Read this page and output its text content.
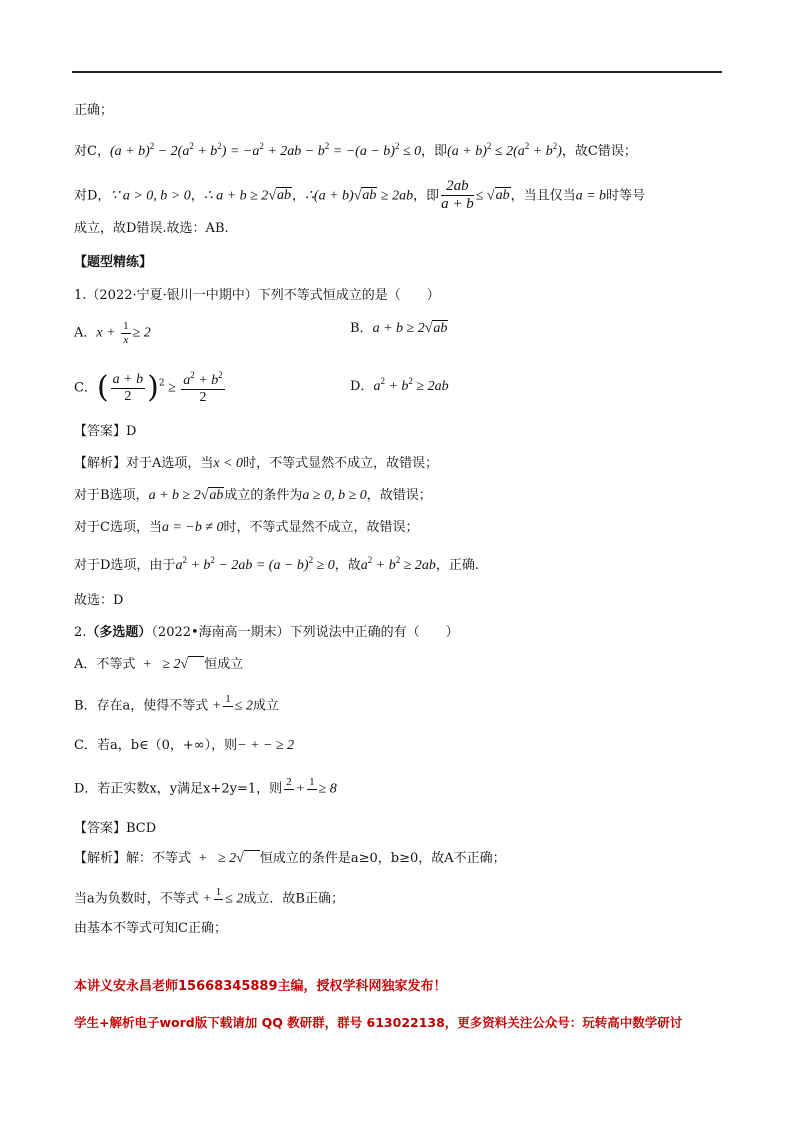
正确；
对C，$(a + b)^2 - 2(a^2 + b^2) = -a^2 + 2ab - b^2 = -(a - b)^2 \le 0$，即$(a + b)^2 \le 2(a^2 + b^2)$，故C错误；
对D，∵ a > 0, b > 0，∴ a + b ≥ 2√ab，∴(a + b)√ab ≥ 2ab，即 $\frac{2ab}{a + b} \le √ab$，当且仅当a = b时等号
成立，故D错误.故选：AB.
【题型精练】
1.（2022·宁夏·银川一中期中）下列不等式恒成立的是（　　）
A．$x + \frac{1}{x} \ge 2$	B．a + b ≥ 2√ab
C．( $\frac{a + b}{2} )^2 \ge \frac{a^2 + b^2}{2}$	D．$a^2 + b^2 \ge 2ab$
【答案】D
【解析】对于A选项，当x < 0时，不等式显然不成立，故错误；
对于B选项，a + b ≥ 2√ab成立的条件为a ≥ 0, b ≥ 0，故错误；
对于C选项，当a = −b ≠ 0时，不等式显然不成立，故错误；
对于D选项，由于$a^2 + b^2 - 2ab = (a - b)^2 \ge 0$，故$a^2 + b^2 \ge 2ab$，正确.
故选：D
2.（多选题）（2022•海南高一期末）下列说法中正确的有（　　）
A．不等式  +   ≥ 2√ 恒成立
B．存在a，使得不等式 + 1
≤ 2成立
C．若a，b∈（0，+∞），则− + − ≥ 2
D．若正实数x，y满足x+2y=1，则 2
+ 1
≥ 8
【答案】BCD
【解析】解：不等式  +   ≥ 2√ 恒成立的条件是a≥0，b≥0，故A不正确；
当a为负数时，不等式 + 1
≤ 2成立．故B正确；
由基本不等式可知C正确；
本讲义安永昌老师15668345889主编，授权学科网独家发布！
学生+解析电子word版下载请加 QQ 教研群，群号 613022138，更多资料关注公众号：玩转高中数学研讨
